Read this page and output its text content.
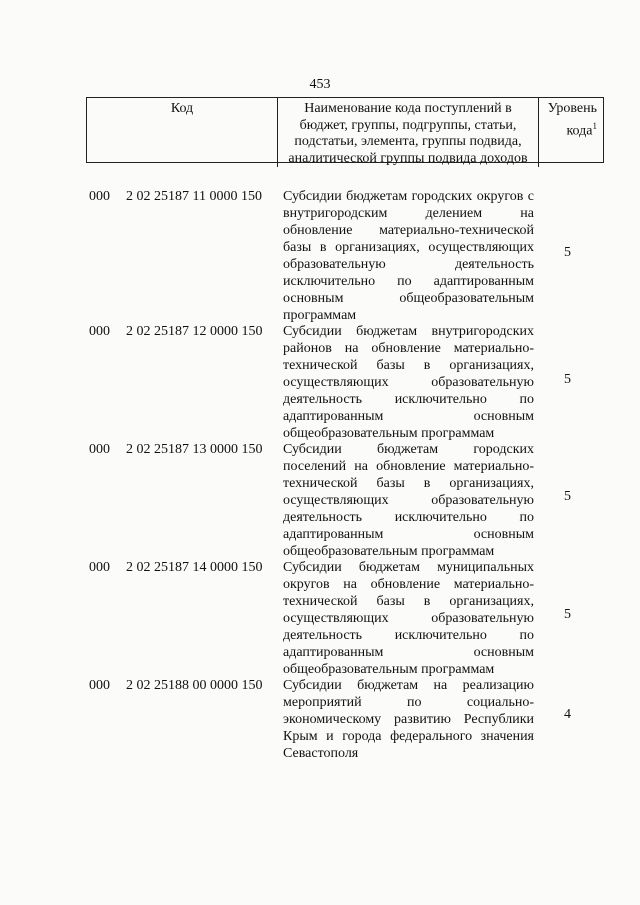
453
Код	Наименование кода поступлений в бюджет, группы, подгруппы, статьи, подстатьи, элемента, группы подвида, аналитической группы подвида доходов
Уровень кода$^1$
000 2 02 25187 11 0000 150 Субсидии бюджетам городских округов с внутригородским делением на обновление материально-технической базы в организациях, осуществляющих образовательную деятельность исключительно по адаптированным основным общеобразовательным программам
5
000 2 02 25187 12 0000 150 Субсидии бюджетам внутригородских районов на обновление материально-технической базы в организациях, осуществляющих образовательную деятельность исключительно по адаптированным основным общеобразовательным программам
5
000 2 02 25187 13 0000 150 Субсидии бюджетам городских поселений на обновление материально-технической базы в организациях, осуществляющих образовательную деятельность исключительно по адаптированным основным общеобразовательным программам
5
000 2 02 25187 14 0000 150 Субсидии бюджетам муниципальных округов на обновление материально-технической базы в организациях, осуществляющих образовательную деятельность исключительно по адаптированным основным общеобразовательным программам
5
000 2 02 25188 00 0000 150 Субсидии бюджетам на реализацию мероприятий по социально-экономическому развитию Республики Крым и города федерального значения Севастополя
4
